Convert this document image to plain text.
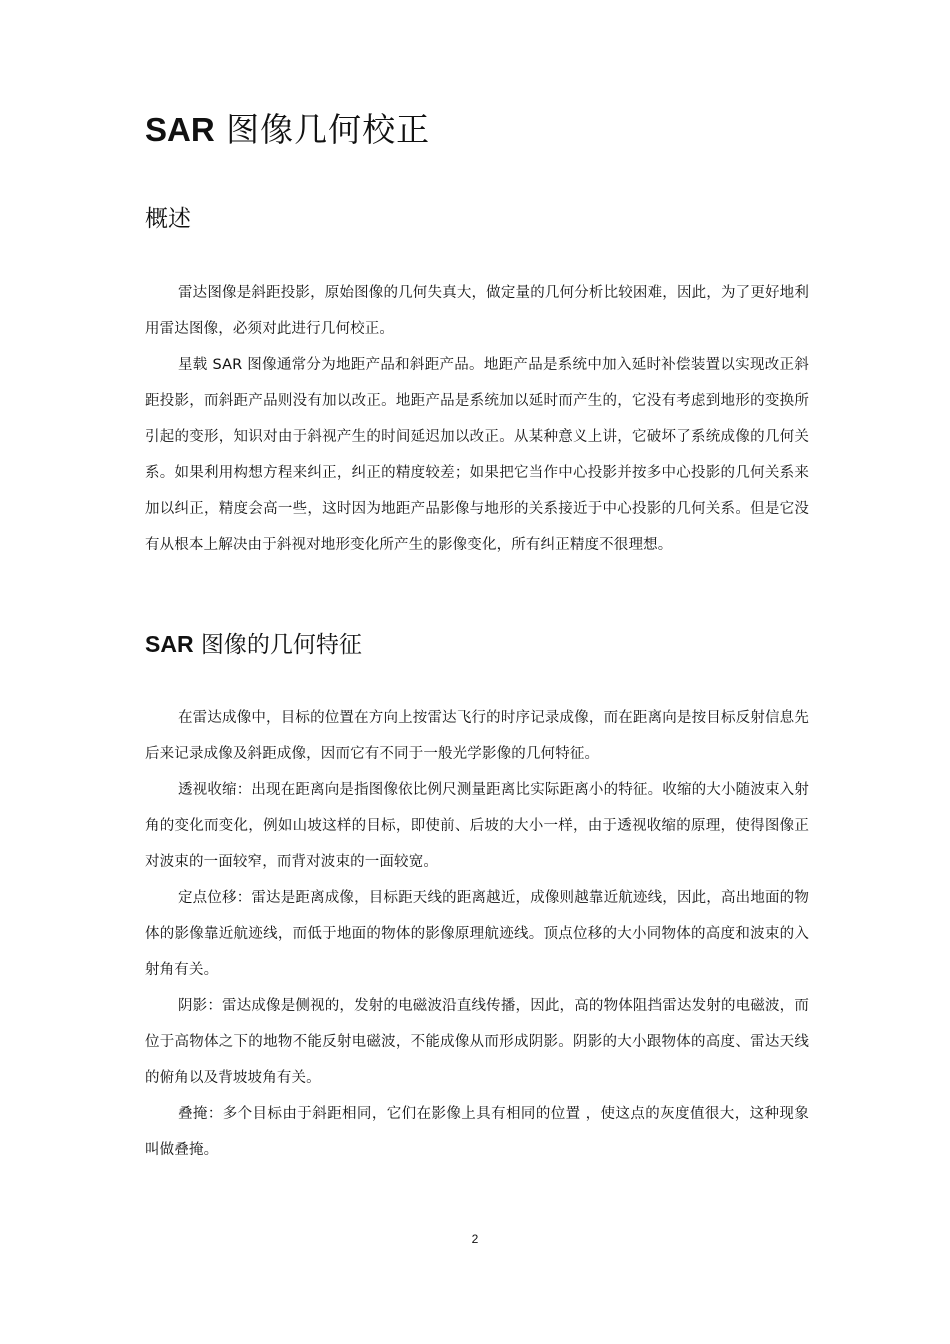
SAR 图像几何校正
概述

雷达图像是斜距投影，原始图像的几何失真大，做定量的几何分析比较困难，因此，为了更好地利用雷达图像，必须对此进行几何校正。

星载 SAR 图像通常分为地距产品和斜距产品。地距产品是系统中加入延时补偿装置以实现改正斜距投影，而斜距产品则没有加以改正。地距产品是系统加以延时而产生的，它没有考虑到地形的变换所引起的变形，知识对由于斜视产生的时间延迟加以改正。从某种意义上讲，它破坏了系统成像的几何关系。如果利用构想方程来纠正，纠正的精度较差；如果把它当作中心投影并按多中心投影的几何关系来加以纠正，精度会高一些，这时因为地距产品影像与地形的关系接近于中心投影的几何关系。但是它没有从根本上解决由于斜视对地形变化所产生的影像变化，所有纠正精度不很理想。

SAR 图像的几何特征

在雷达成像中，目标的位置在方向上按雷达飞行的时序记录成像，而在距离向是按目标反射信息先后来记录成像及斜距成像，因而它有不同于一般光学影像的几何特征。

透视收缩：出现在距离向是指图像依比例尺测量距离比实际距离小的特征。收缩的大小随波束入射角的变化而变化，例如山坡这样的目标，即使前、后坡的大小一样，由于透视收缩的原理，使得图像正对波束的一面较窄，而背对波束的一面较宽。

定点位移：雷达是距离成像，目标距天线的距离越近，成像则越靠近航迹线，因此，高出地面的物体的影像靠近航迹线，而低于地面的物体的影像原理航迹线。顶点位移的大小同物体的高度和波束的入射角有关。

阴影：雷达成像是侧视的，发射的电磁波沿直线传播，因此，高的物体阻挡雷达发射的电磁波，而位于高物体之下的地物不能反射电磁波，不能成像从而形成阴影。阴影的大小跟物体的高度、雷达天线的俯角以及背坡坡角有关。

叠掩：多个目标由于斜距相同，它们在影像上具有相同的位置 ，使这点的灰度值很大，这种现象叫做叠掩。

2
